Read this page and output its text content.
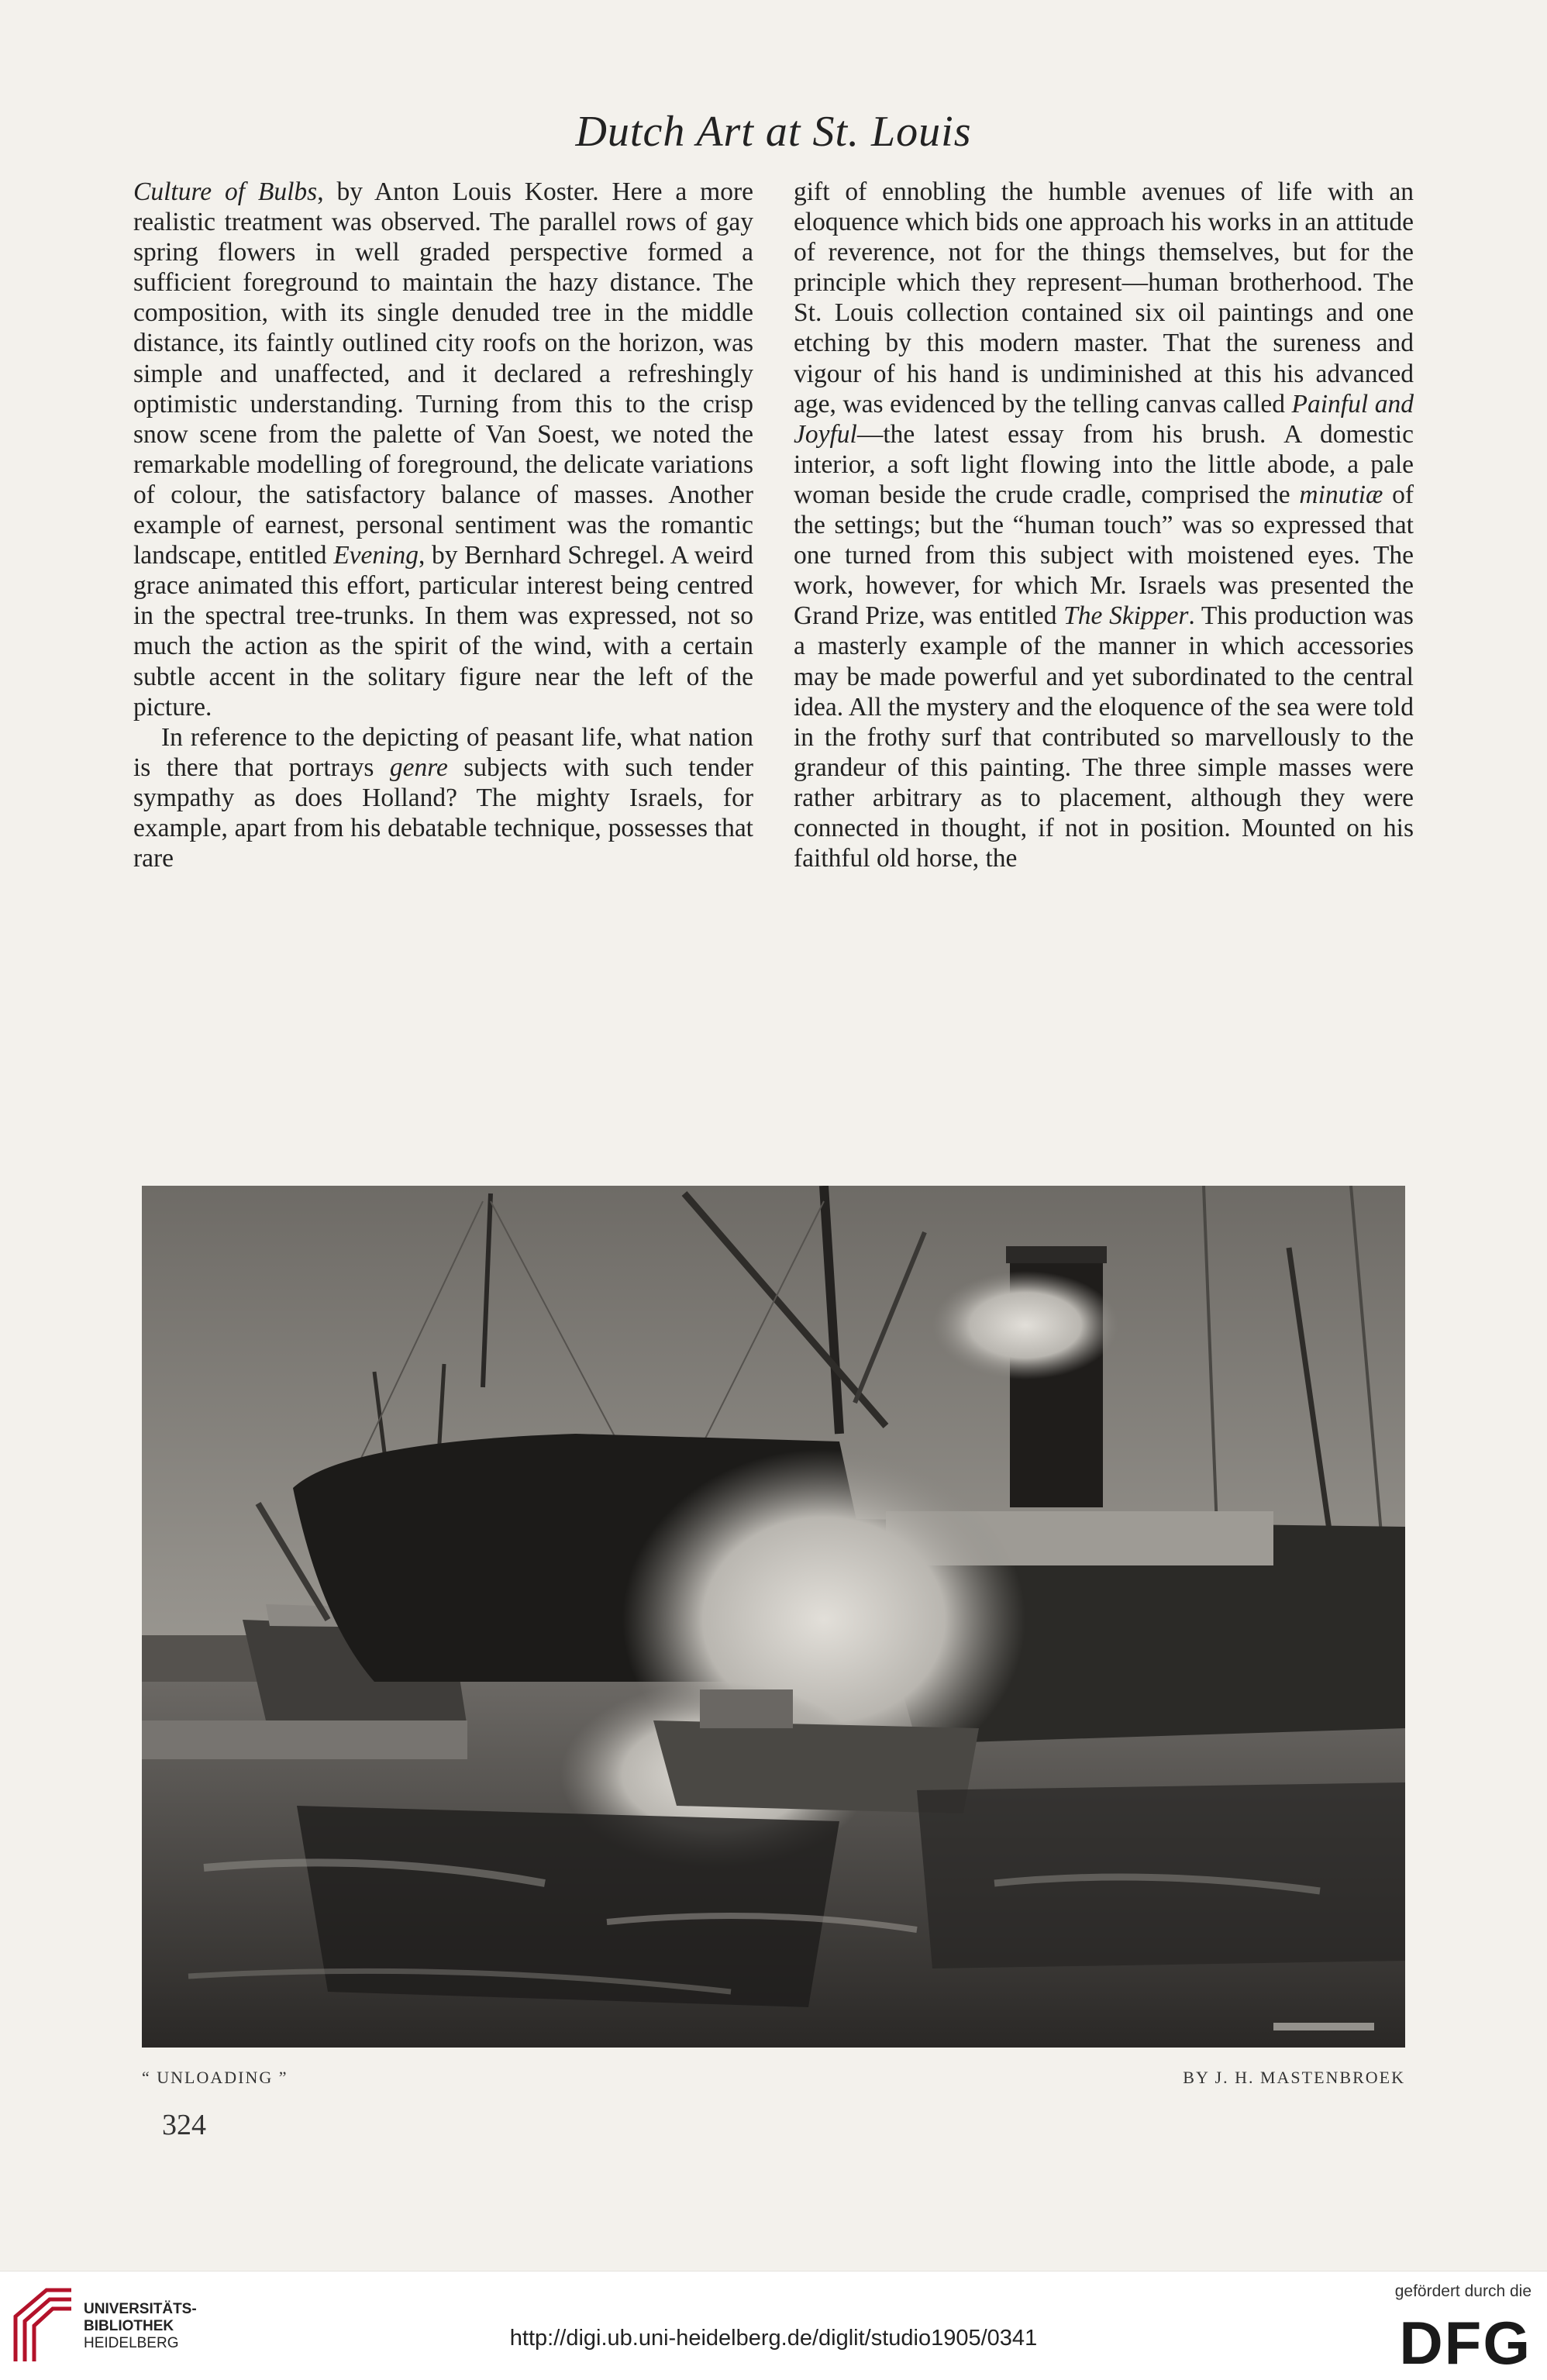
Dutch Art at St. Louis

Culture of Bulbs, by Anton Louis Koster. Here a more realistic treatment was observed. The parallel rows of gay spring flowers in well graded perspective formed a sufficient foreground to maintain the hazy distance. The composition, with its single denuded tree in the middle distance, its faintly outlined city roofs on the horizon, was simple and unaffected, and it declared a refreshingly optimistic understanding. Turning from this to the crisp snow scene from the palette of Van Soest, we noted the remarkable modelling of foreground, the delicate variations of colour, the satisfactory balance of masses. Another example of earnest, personal sentiment was the romantic landscape, entitled Evening, by Bernhard Schregel. A weird grace animated this effort, particular interest being centred in the spectral tree-trunks. In them was expressed, not so much the action as the spirit of the wind, with a certain subtle accent in the solitary figure near the left of the picture.

In reference to the depicting of peasant life, what nation is there that portrays genre subjects with such tender sympathy as does Holland? The mighty Israels, for example, apart from his debatable technique, possesses that rare

gift of ennobling the humble avenues of life with an eloquence which bids one approach his works in an attitude of reverence, not for the things themselves, but for the principle which they represent—human brotherhood. The St. Louis collection contained six oil paintings and one etching by this modern master. That the sureness and vigour of his hand is undiminished at this his advanced age, was evidenced by the telling canvas called Painful and Joyful—the latest essay from his brush. A domestic interior, a soft light flowing into the little abode, a pale woman beside the crude cradle, comprised the minutiæ of the settings; but the “human touch” was so expressed that one turned from this subject with moistened eyes. The work, however, for which Mr. Israels was presented the Grand Prize, was entitled The Skipper. This production was a masterly example of the manner in which accessories may be made powerful and yet subordinated to the central idea. All the mystery and the eloquence of the sea were told in the frothy surf that contributed so marvellously to the grandeur of this painting. The three simple masses were rather arbitrary as to placement, although they were connected in thought, if not in position. Mounted on his faithful old horse, the

“ UNLOADING ”	BY J. H. MASTENBROEK
324
UNIVERSITÄTS-
BIBLIOTHEK
HEIDELBERG	http://digi.ub.uni-heidelberg.de/diglit/studio1905/0341
gefördert durch die
DFG
